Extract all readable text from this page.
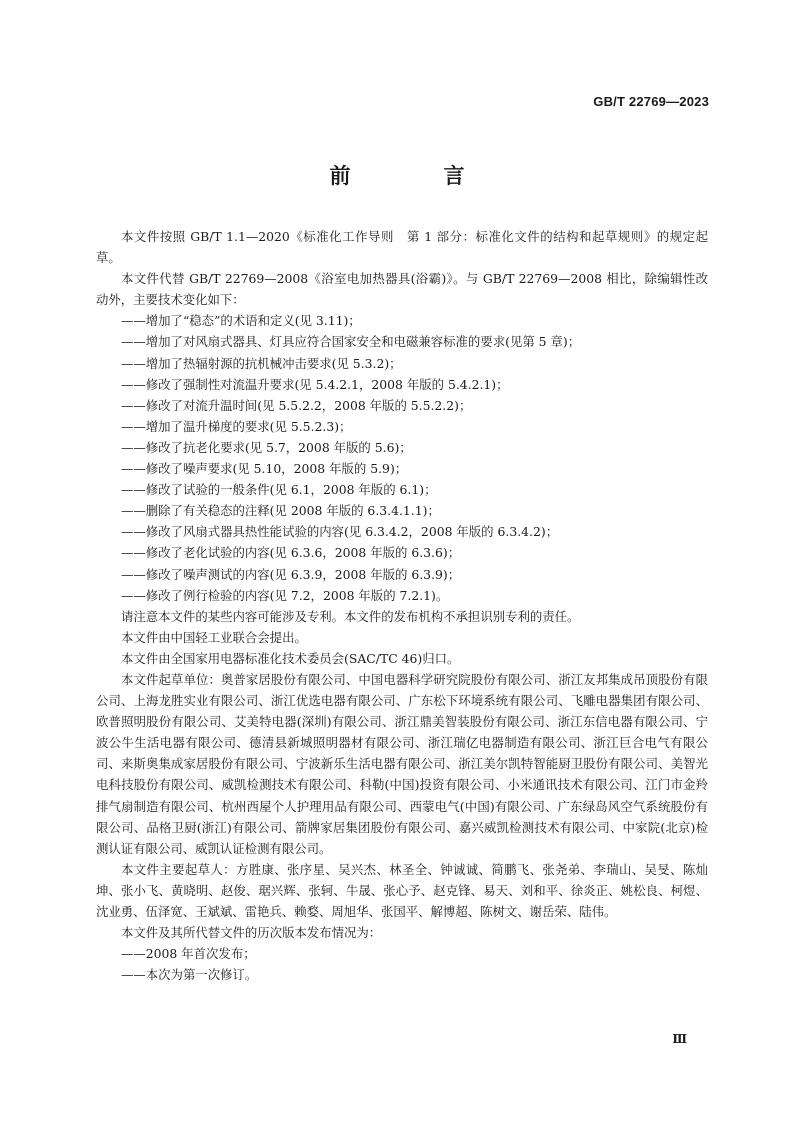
GB/T 22769—2023
前　言

本文件按照 GB/T 1.1—2020《标准化工作导则　第 1 部分：标准化文件的结构和起草规则》的规定起草。

本文件代替 GB/T 22769—2008《浴室电加热器具(浴霸)》。与 GB/T 22769—2008 相比，除编辑性改动外，主要技术变化如下：

——增加了“稳态”的术语和定义(见 3.11)；

——增加了对风扇式器具、灯具应符合国家安全和电磁兼容标准的要求(见第 5 章)；

——增加了热辐射源的抗机械冲击要求(见 5.3.2)；

——修改了强制性对流温升要求(见 5.4.2.1，2008 年版的 5.4.2.1)；

——修改了对流升温时间(见 5.5.2.2，2008 年版的 5.5.2.2)；

——增加了温升梯度的要求(见 5.5.2.3)；

——修改了抗老化要求(见 5.7，2008 年版的 5.6)；

——修改了噪声要求(见 5.10，2008 年版的 5.9)；

——修改了试验的一般条件(见 6.1，2008 年版的 6.1)；

——删除了有关稳态的注释(见 2008 年版的 6.3.4.1.1)；

——修改了风扇式器具热性能试验的内容(见 6.3.4.2，2008 年版的 6.3.4.2)；

——修改了老化试验的内容(见 6.3.6，2008 年版的 6.3.6)；

——修改了噪声测试的内容(见 6.3.9，2008 年版的 6.3.9)；

——修改了例行检验的内容(见 7.2，2008 年版的 7.2.1)。

请注意本文件的某些内容可能涉及专利。本文件的发布机构不承担识别专利的责任。

本文件由中国轻工业联合会提出。

本文件由全国家用电器标准化技术委员会(SAC/TC 46)归口。

本文件起草单位：奥普家居股份有限公司、中国电器科学研究院股份有限公司、浙江友邦集成吊顶股份有限公司、上海龙胜实业有限公司、浙江优选电器有限公司、广东松下环境系统有限公司、飞雕电器集团有限公司、欧普照明股份有限公司、艾美特电器(深圳)有限公司、浙江鼎美智装股份有限公司、浙江东信电器有限公司、宁波公牛生活电器有限公司、德清县新城照明器材有限公司、浙江瑞亿电器制造有限公司、浙江巨合电气有限公司、来斯奥集成家居股份有限公司、宁波新乐生活电器有限公司、浙江美尔凯特智能厨卫股份有限公司、美智光电科技股份有限公司、威凯检测技术有限公司、科勒(中国)投资有限公司、小米通讯技术有限公司、江门市金羚排气扇制造有限公司、杭州西屋个人护理用品有限公司、西蒙电气(中国)有限公司、广东绿岛风空气系统股份有限公司、品格卫厨(浙江)有限公司、箭牌家居集团股份有限公司、嘉兴威凯检测技术有限公司、中家院(北京)检测认证有限公司、威凯认证检测有限公司。

本文件主要起草人：方胜康、张序星、吴兴杰、林圣全、钟诚诚、简鹏飞、张尧弟、李瑞山、吴旻、陈灿坤、张小飞、黄晓明、赵俊、琚兴辉、张轲、牛晟、张心予、赵克锋、易天、刘和平、徐炎正、姚松良、柯煜、沈业勇、伍泽宽、王斌斌、雷艳兵、赖婺、周旭华、张国平、解博超、陈树文、谢岳荣、陆伟。

本文件及其所代替文件的历次版本发布情况为：

——2008 年首次发布；

——本次为第一次修订。

Ⅲ
